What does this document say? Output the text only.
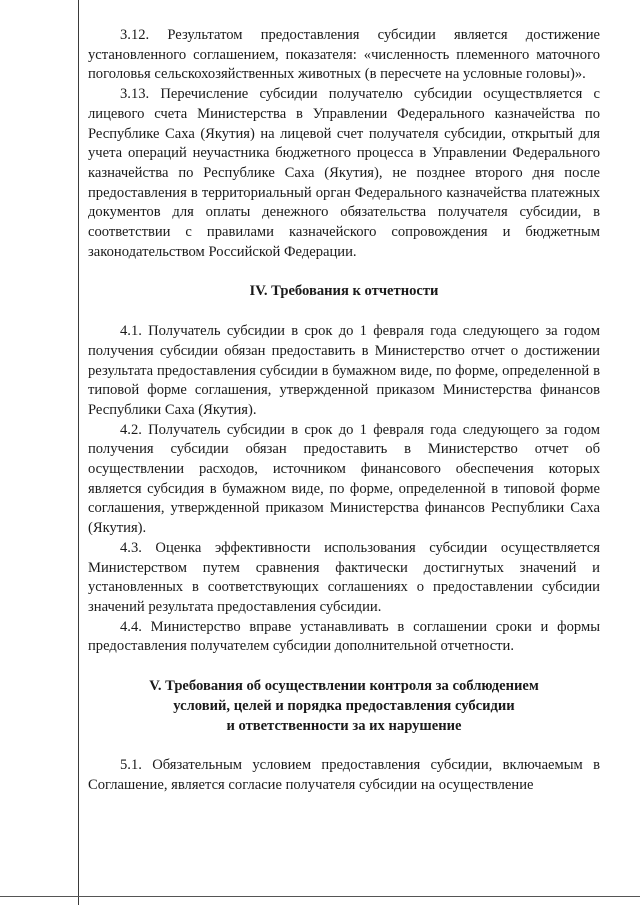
3.12. Результатом предоставления субсидии является достижение установленного соглашением, показателя: «численность племенного маточного поголовья сельскохозяйственных животных (в пересчете на условные головы)».

3.13. Перечисление субсидии получателю субсидии осуществляется с лицевого счета Министерства в Управлении Федерального казначейства по Республике Саха (Якутия) на лицевой счет получателя субсидии, открытый для учета операций неучастника бюджетного процесса в Управлении Федерального казначейства по Республике Саха (Якутия), не позднее второго дня после предоставления в территориальный орган Федерального казначейства платежных документов для оплаты денежного обязательства получателя субсидии, в соответствии с правилами казначейского сопровождения и бюджетным законодательством Российской Федерации.

IV. Требования к отчетности

4.1. Получатель субсидии в срок до 1 февраля года следующего за годом получения субсидии обязан предоставить в Министерство отчет о достижении результата предоставления субсидии в бумажном виде, по форме, определенной в типовой форме соглашения, утвержденной приказом Министерства финансов Республики Саха (Якутия).

4.2. Получатель субсидии в срок до 1 февраля года следующего за годом получения субсидии обязан предоставить в Министерство отчет об осуществлении расходов, источником финансового обеспечения которых является субсидия в бумажном виде, по форме, определенной в типовой форме соглашения, утвержденной приказом Министерства финансов Республики Саха (Якутия).

4.3. Оценка эффективности использования субсидии осуществляется Министерством путем сравнения фактически достигнутых значений и установленных в соответствующих соглашениях о предоставлении субсидии значений результата предоставления субсидии.

4.4. Министерство вправе устанавливать в соглашении сроки и формы предоставления получателем субсидии дополнительной отчетности.

V. Требования об осуществлении контроля за соблюдением
условий, целей и порядка предоставления субсидии
и ответственности за их нарушение

5.1. Обязательным условием предоставления субсидии, включаемым в Соглашение, является согласие получателя субсидии на осуществление
